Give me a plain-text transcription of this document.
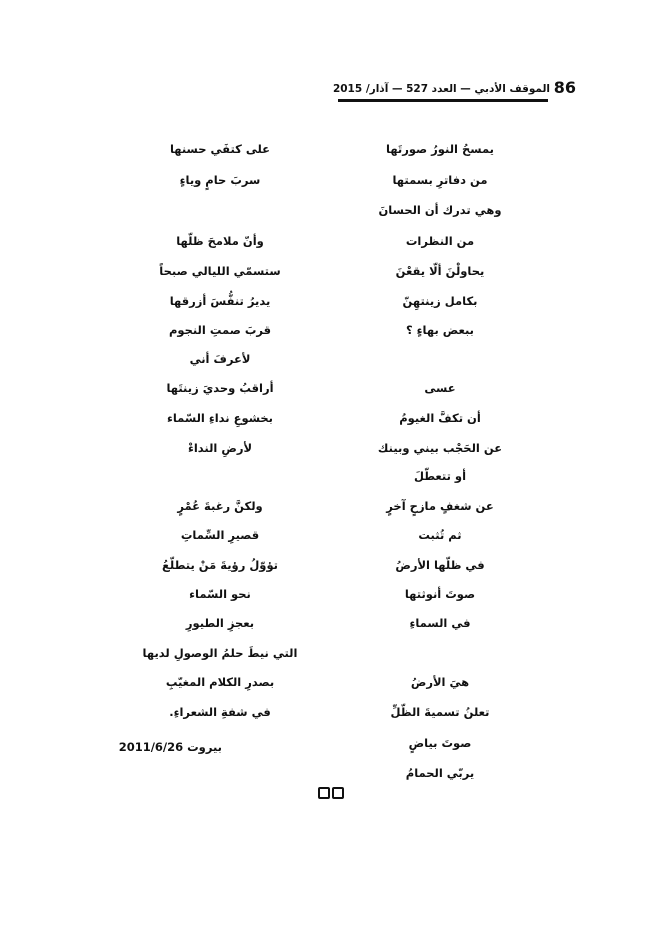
86
الموقف الأدبي — العدد 527 — آذار/ 2015
يمسحُ النورُ صورتَها
من دفاترِ بسمتها
وهي تدرك أن الحسانَ
من النظرات
يحاولْنَ ألّا يقعْنَ
بكامل زينتهِنّ
ببعض بهاءٍ ؟
عسى
أن تكفَّ الغيومُ
عن الحَجْب بيني وبينك
أو تتعطّلَ
عن شغفٍ مازحٍ آخرٍ
ثم تُثبت
في ظلّها الأرضُ
صوتَ أنوثتها
في السماءِ
هيَ الأرضُ
تعلنُ تسميةَ الظّلِّ
صوتَ بياضٍ
يربّي الحمامُ
على كتفَي حسنها
سربَ حامٍ وياءٍ
وأنّ ملامحَ ظلّها
ستسمّي الليالي صبحاً
يديرُ تنفُّسَ أزرقها
قربَ صمتِ النجوم
لأعرفَ أني
أراقبُ وحديَ زينتَها
بخشوعِ نداءِ السّماء
لأرضِ النداءْ
ولكنَّ رغبةَ عُمْرٍ
قصيرِ السِّماتِ
تؤوّلُ رؤيةَ مَنْ يتطلّعُ
نحو السّماء
بعجزِ الطيورِ
التي نيطَ حلمُ الوصولِ لديها
بصدرِ الكلام المغيّبِ
في شفةِ الشعراءِ.
بيروت 2011/6/26
